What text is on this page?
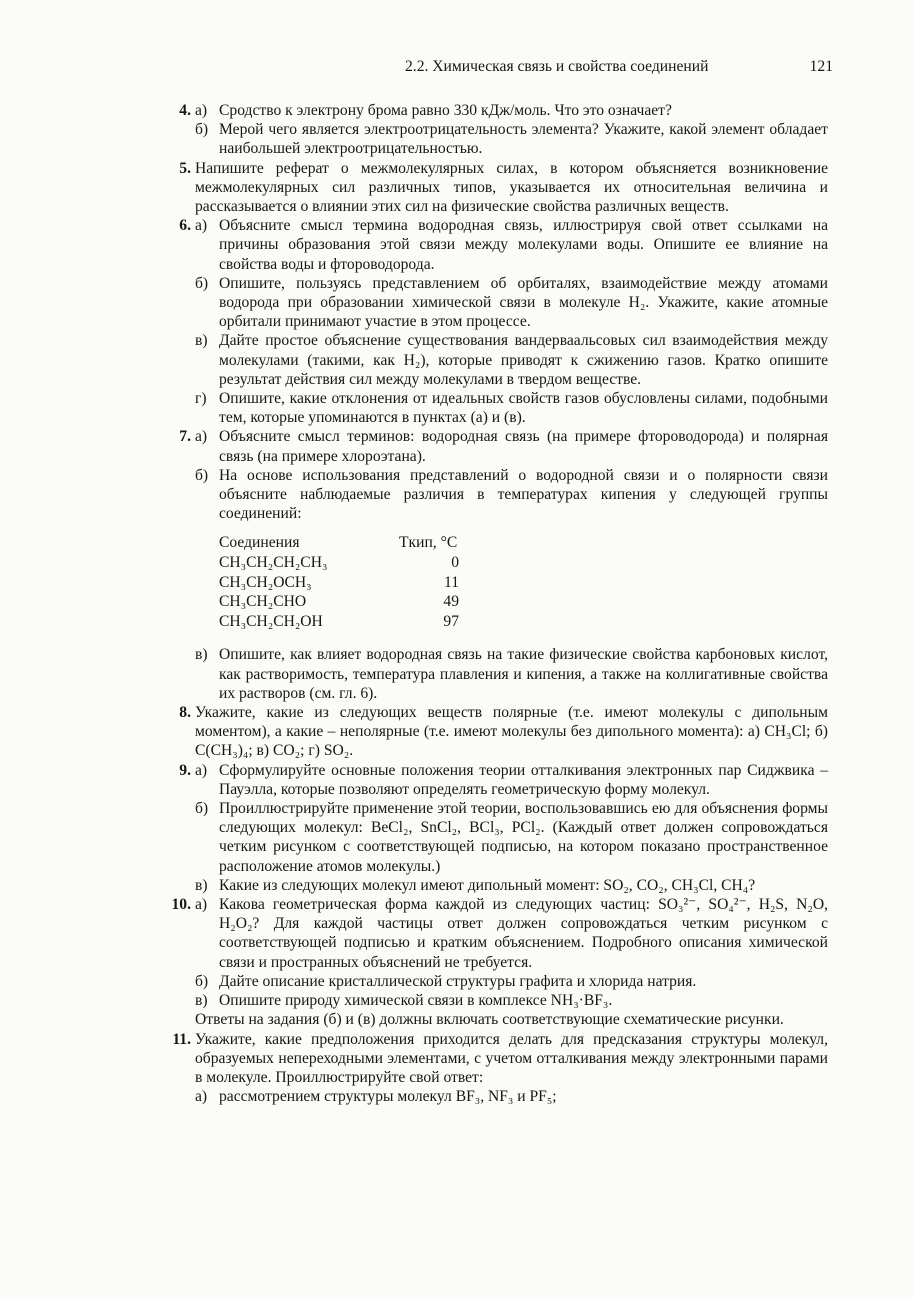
2.2. Химическая связь и свойства соединений	121
4. а) Сродство к электрону брома равно 330 кДж/моль. Что это означает?
б) Мерой чего является электроотрицательность элемента? Укажите, какой элемент обладает наибольшей электроотрицательностью.
5. Напишите реферат о межмолекулярных силах, в котором объясняется возникновение межмолекулярных сил различных типов, указывается их относительная величина и рассказывается о влиянии этих сил на физические свойства различных веществ.
6. а) Объясните смысл термина водородная связь, иллюстрируя свой ответ ссылками на причины образования этой связи между молекулами воды. Опишите ее влияние на свойства воды и фтороводорода.
б) Опишите, пользуясь представлением об орбиталях, взаимодействие между атомами водорода при образовании химической связи в молекуле H₂. Укажите, какие атомные орбитали принимают участие в этом процессе.
в) Дайте простое объяснение существования вандерваальсовых сил взаимодействия между молекулами (такими, как H₂), которые приводят к сжижению газов. Кратко опишите результат действия сил между молекулами в твердом веществе.
г) Опишите, какие отклонения от идеальных свойств газов обусловлены силами, подобными тем, которые упоминаются в пунктах (а) и (в).
7. а) Объясните смысл терминов: водородная связь (на примере фтороводорода) и полярная связь (на примере хлороэтана).
б) На основе использования представлений о водородной связи и о полярности связи объясните наблюдаемые различия в температурах кипения у следующей группы соединений:
Соединения	Tкип, °C
CH₃CH₂CH₂CH₃	0
CH₃CH₂OCH₃	11
CH₃CH₂CHO	49
CH₃CH₂CH₂OH	97
в) Опишите, как влияет водородная связь на такие физические свойства карбоновых кислот, как растворимость, температура плавления и кипения, а также на коллигативные свойства их растворов (см. гл. 6).
8. Укажите, какие из следующих веществ полярные (т.е. имеют молекулы с дипольным моментом), а какие – неполярные (т.е. имеют молекулы без дипольного момента): а) CH₃Cl; б) C(CH₃)₄; в) CO₂; г) SO₂.
9. а) Сформулируйте основные положения теории отталкивания электронных пар Сиджвика – Пауэлла, которые позволяют определять геометрическую форму молекул.
б) Проиллюстрируйте применение этой теории, воспользовавшись ею для объяснения формы следующих молекул: BeCl₂, SnCl₂, BCl₃, PCl₂. (Каждый ответ должен сопровождаться четким рисунком с соответствующей подписью, на котором показано пространственное расположение атомов молекулы.)
в) Какие из следующих молекул имеют дипольный момент: SO₂, CO₂, CH₃Cl, CH₄?
10. а) Какова геометрическая форма каждой из следующих частиц: SO₃²⁻, SO₄²⁻, H₂S, N₂O, H₂O₂? Для каждой частицы ответ должен сопровождаться четким рисунком с соответствующей подписью и кратким объяснением. Подробного описания химической связи и пространных объяснений не требуется.
б) Дайте описание кристаллической структуры графита и хлорида натрия.
в) Опишите природу химической связи в комплексе NH₃·BF₃.
Ответы на задания (б) и (в) должны включать соответствующие схематические рисунки.
11. Укажите, какие предположения приходится делать для предсказания структуры молекул, образуемых непереходными элементами, с учетом отталкивания между электронными парами в молекуле. Проиллюстрируйте свой ответ:
а) рассмотрением структуры молекул BF₃, NF₃ и PF₅;
